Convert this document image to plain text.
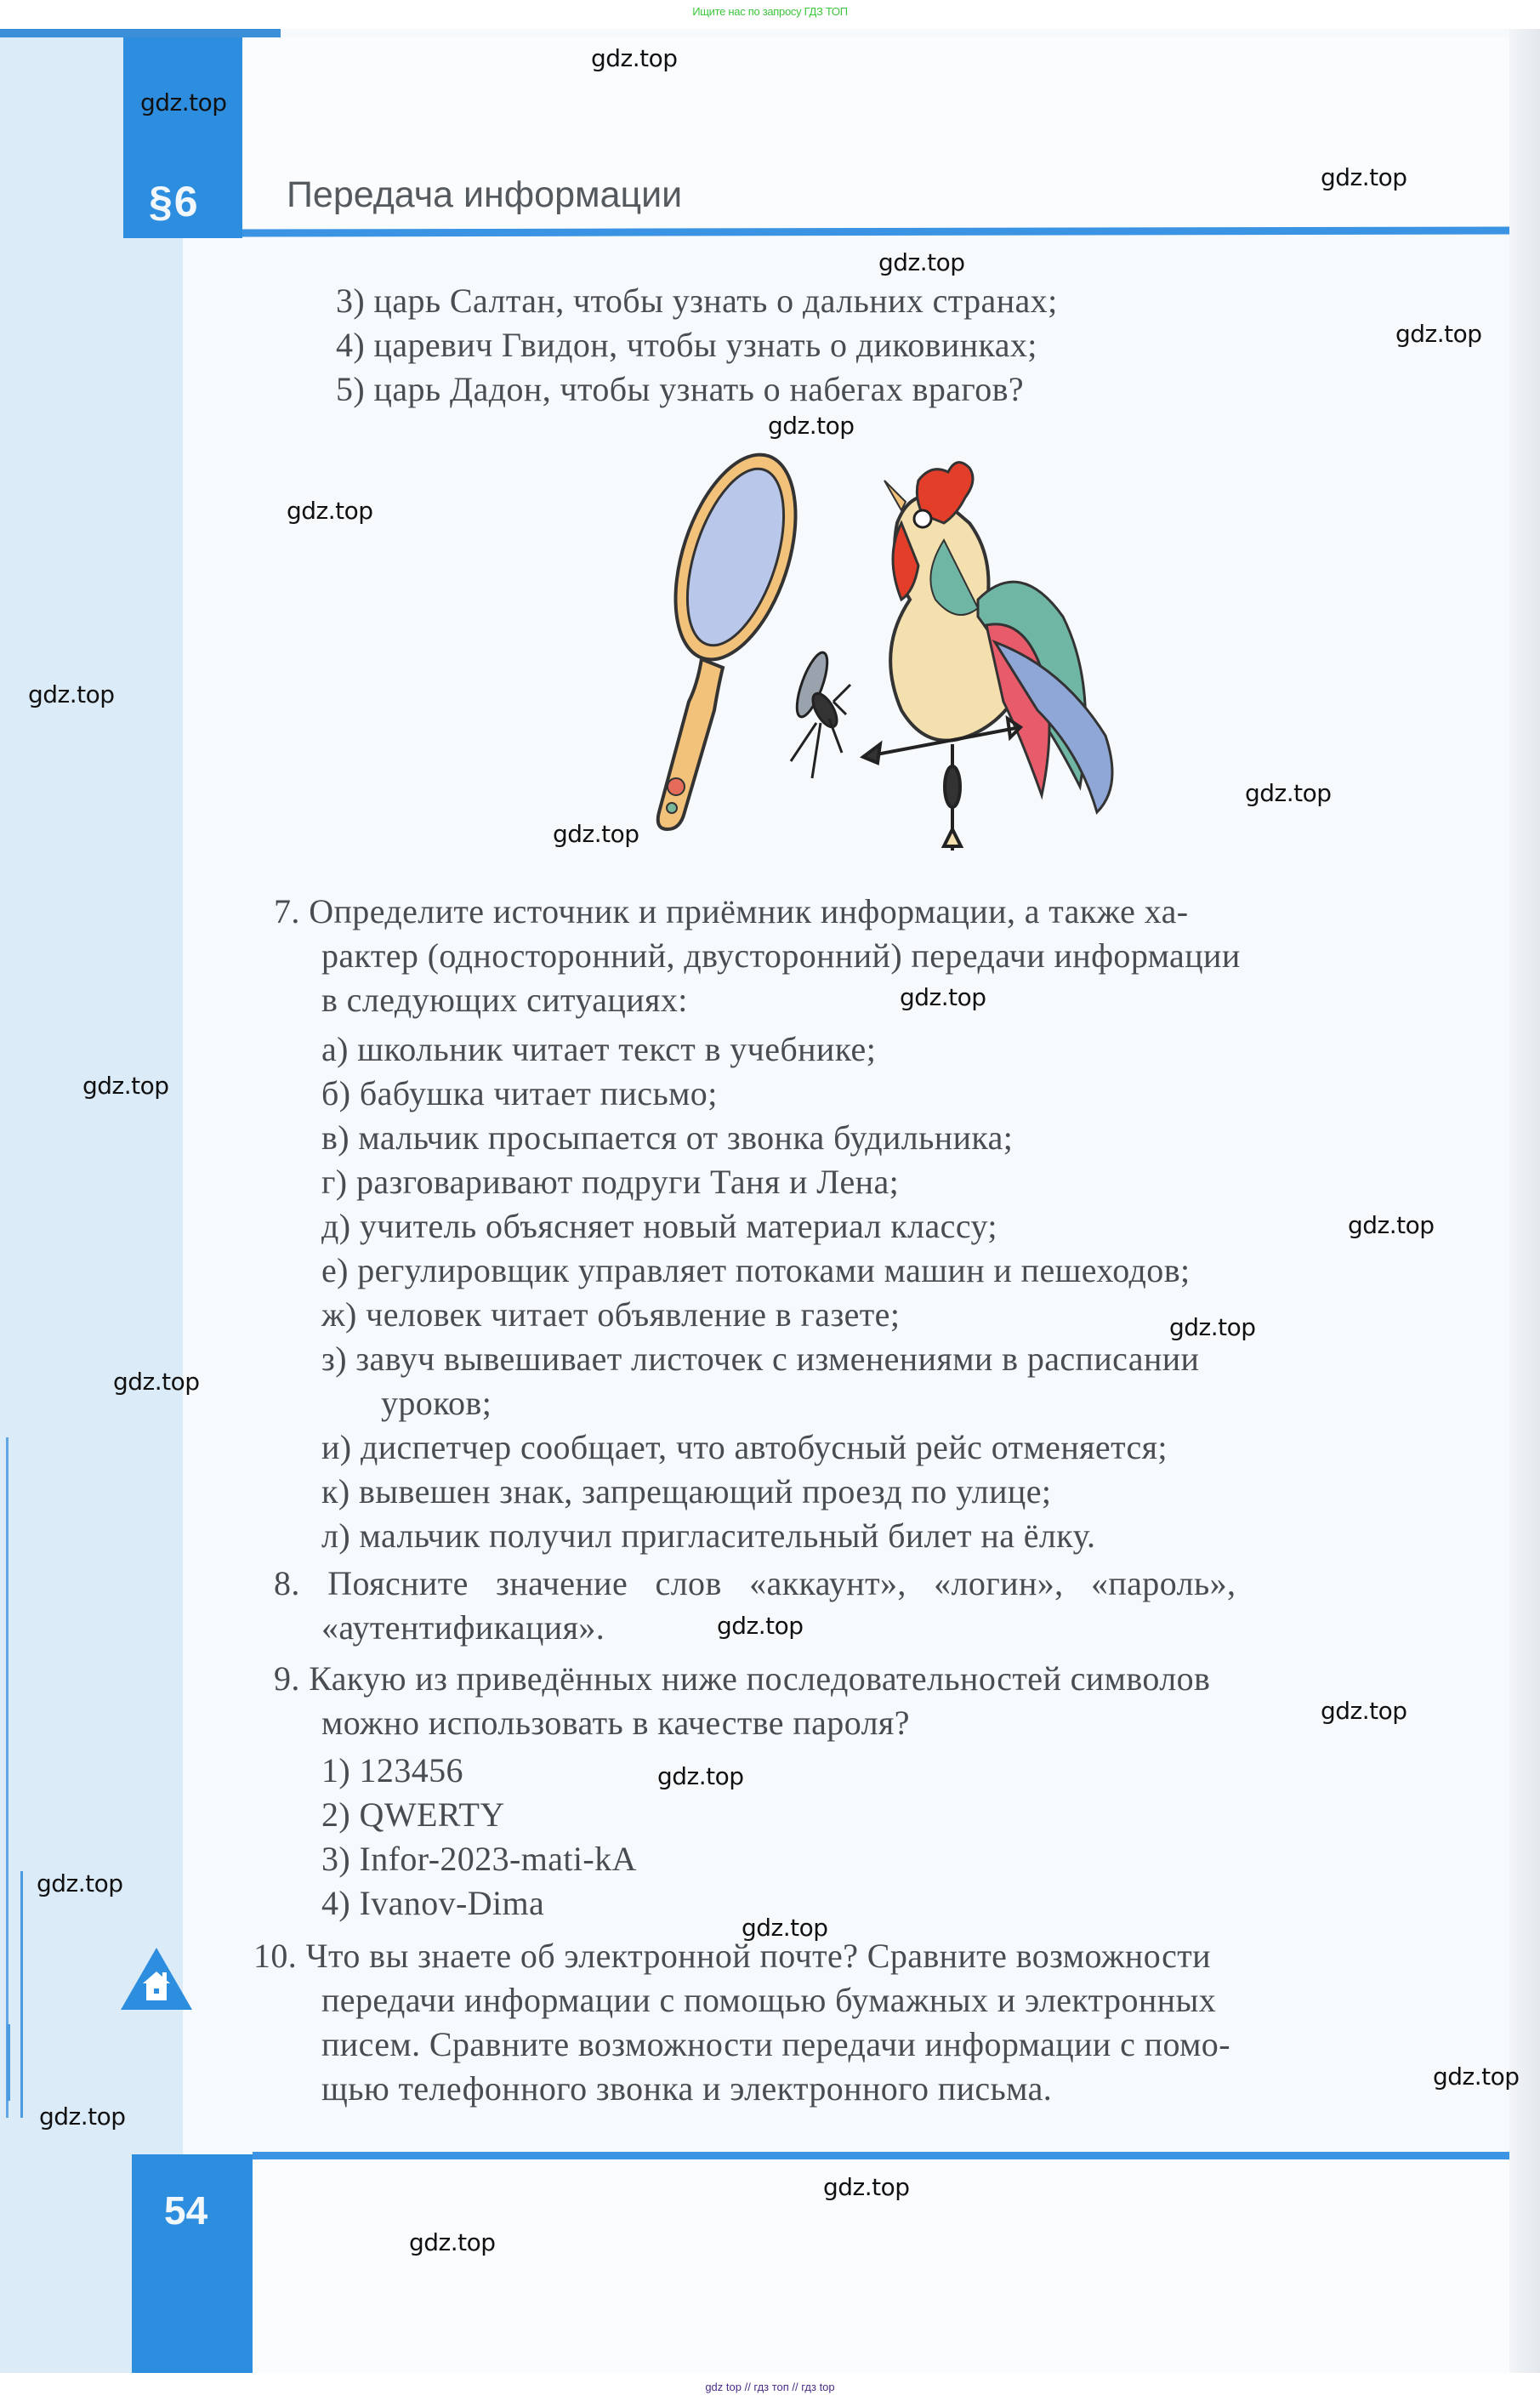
Ищите нас по запросу ГДЗ ТОП
§6 Передача информации
3) царь Салтан, чтобы узнать о дальних странах;
4) царевич Гвидон, чтобы узнать о диковинках;
5) царь Дадон, чтобы узнать о набегах врагов?
7. Определите источник и приёмник информации, а также ха-
рактер (односторонний, двусторонний) передачи информации
в следующих ситуациях:
а) школьник читает текст в учебнике;
б) бабушка читает письмо;
в) мальчик просыпается от звонка будильника;
г) разговаривают подруги Таня и Лена;
д) учитель объясняет новый материал классу;
е) регулировщик управляет потоками машин и пешеходов;
ж) человек читает объявление в газете;
з) завуч вывешивает листочек с изменениями в расписании
уроков;
и) диспетчер сообщает, что автобусный рейс отменяется;
к) вывешен знак, запрещающий проезд по улице;
л) мальчик получил пригласительный билет на ёлку.
8. Поясните значение слов «аккаунт», «логин», «пароль»,
«аутентификация».
9. Какую из приведённых ниже последовательностей символов
можно использовать в качестве пароля?
1) 123456
2) QWERTY
3) Infor-2023-mati-kA
4) Ivanov-Dima
10. Что вы знаете об электронной почте? Сравните возможности
передачи информации с помощью бумажных и электронных
писем. Сравните возможности передачи информации с помо-
щью телефонного звонка и электронного письма.
54
gdz.top
gdz.top
gdz.top
gdz.top
gdz.top
gdz.top
gdz.top
gdz.top
gdz.top
gdz.top
gdz.top
gdz.top
gdz.top
gdz.top
gdz.top
gdz.top
gdz.top
gdz.top
gdz.top
gdz.top
gdz.top
gdz.top
gdz.top
gdz.top
gdz top // гдз топ // гдз top
